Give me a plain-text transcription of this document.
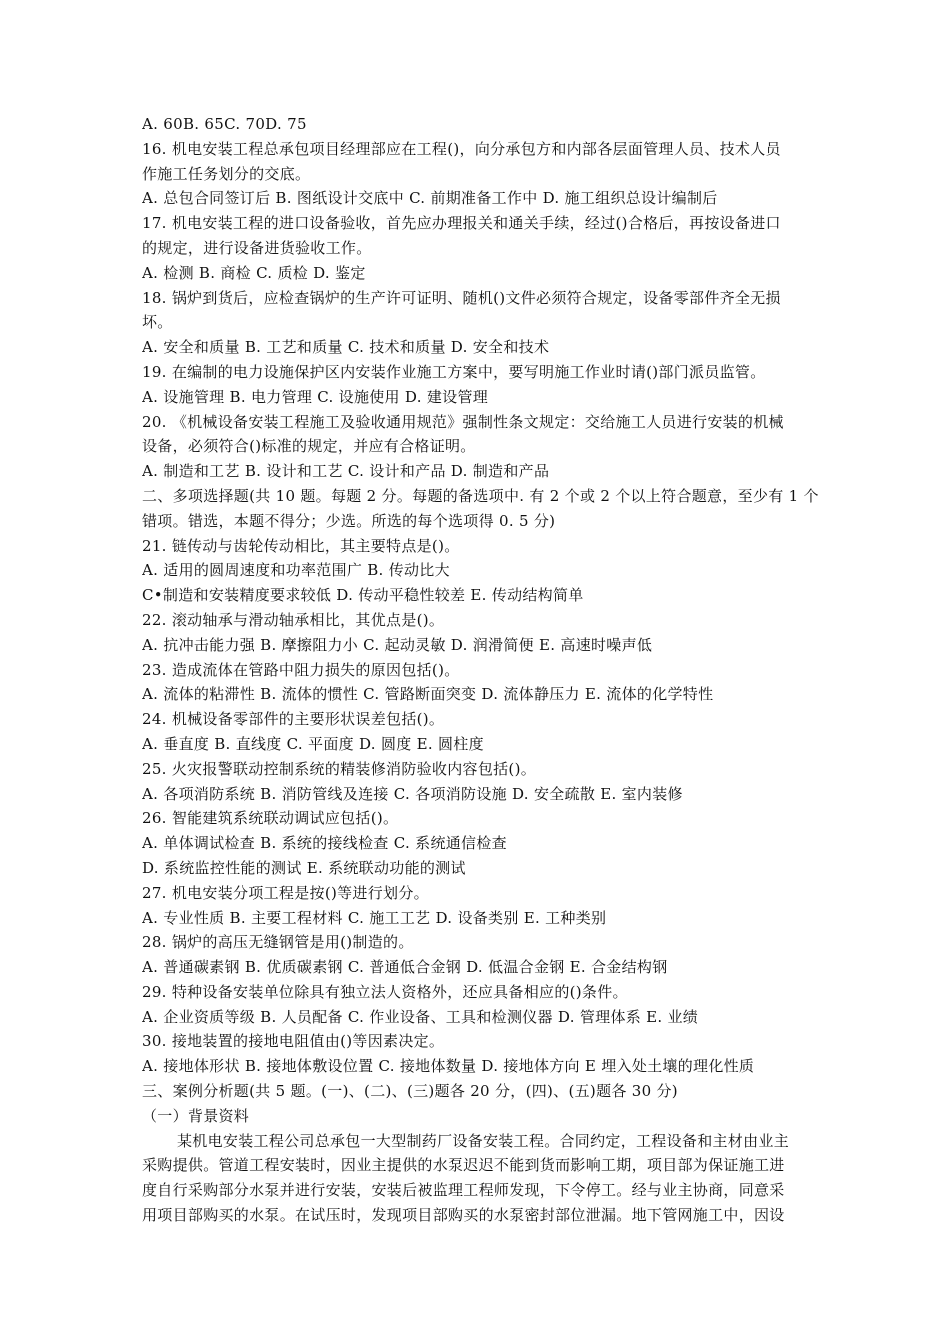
A. 60B. 65C. 70D. 75
16. 机电安装工程总承包项目经理部应在工程()，向分承包方和内部各层面管理人员、技术人员
作施工任务划分的交底。
A. 总包合同签订后 B. 图纸设计交底中 C. 前期准备工作中 D. 施工组织总设计编制后
17. 机电安装工程的进口设备验收，首先应办理报关和通关手续，经过()合格后，再按设备进口
的规定，进行设备进货验收工作。
A. 检测 B. 商检 C. 质检 D. 鉴定
18. 锅炉到货后，应检查锅炉的生产许可证明、随机()文件必须符合规定，设备零部件齐全无损
坏。
A. 安全和质量 B. 工艺和质量 C. 技术和质量 D. 安全和技术
19. 在编制的电力设施保护区内安装作业施工方案中，要写明施工作业时请()部门派员监管。
A. 设施管理 B. 电力管理 C. 设施使用 D. 建设管理
20. 《机械设备安装工程施工及验收通用规范》强制性条文规定：交给施工人员进行安装的机械
设备，必须符合()标准的规定，并应有合格证明。
A. 制造和工艺 B. 设计和工艺 C. 设计和产品 D. 制造和产品
二、多项选择题(共 10 题。每题 2 分。每题的备选项中. 有 2 个或 2 个以上符合题意，至少有 1 个
错项。错选，本题不得分；少选。所选的每个选项得 0. 5 分)
21. 链传动与齿轮传动相比，其主要特点是()。
A. 适用的圆周速度和功率范围广 B. 传动比大
C•制造和安装精度要求较低 D. 传动平稳性较差 E. 传动结构简单
22. 滚动轴承与滑动轴承相比，其优点是()。
A. 抗冲击能力强 B. 摩擦阻力小 C. 起动灵敏 D. 润滑简便 E. 高速时噪声低
23. 造成流体在管路中阻力损失的原因包括()。
A. 流体的粘滞性 B. 流体的惯性 C. 管路断面突变 D. 流体静压力 E. 流体的化学特性
24. 机械设备零部件的主要形状误差包括()。
A. 垂直度 B. 直线度 C. 平面度 D. 圆度 E. 圆柱度
25. 火灾报警联动控制系统的精装修消防验收内容包括()。
A. 各项消防系统 B. 消防管线及连接 C. 各项消防设施 D. 安全疏散 E. 室内装修
26. 智能建筑系统联动调试应包括()。
A. 单体调试检查 B. 系统的接线检查 C. 系统通信检查
D. 系统监控性能的测试 E. 系统联动功能的测试
27. 机电安装分项工程是按()等进行划分。
A. 专业性质 B. 主要工程材料 C. 施工工艺 D. 设备类别 E. 工种类别
28. 锅炉的高压无缝钢管是用()制造的。
A. 普通碳素钢 B. 优质碳素钢 C. 普通低合金钢 D. 低温合金钢 E. 合金结构钢
29. 特种设备安装单位除具有独立法人资格外，还应具备相应的()条件。
A. 企业资质等级 B. 人员配备 C. 作业设备、工具和检测仪器 D. 管理体系 E. 业绩
30. 接地装置的接地电阻值由()等因素决定。
A. 接地体形状 B. 接地体敷设位置 C. 接地体数量 D. 接地体方向 E 埋入处土壤的理化性质
三、案例分析题(共 5 题。(一)、(二)、(三)题各 20 分，(四)、(五)题各 30 分)
（一）背景资料
某机电安装工程公司总承包一大型制药厂设备安装工程。合同约定，工程设备和主材由业主
采购提供。管道工程安装时，因业主提供的水泵迟迟不能到货而影响工期，项目部为保证施工进
度自行采购部分水泵并进行安装，安装后被监理工程师发现，下令停工。经与业主协商，同意采
用项目部购买的水泵。在试压时，发现项目部购买的水泵密封部位泄漏。地下管网施工中，因设
